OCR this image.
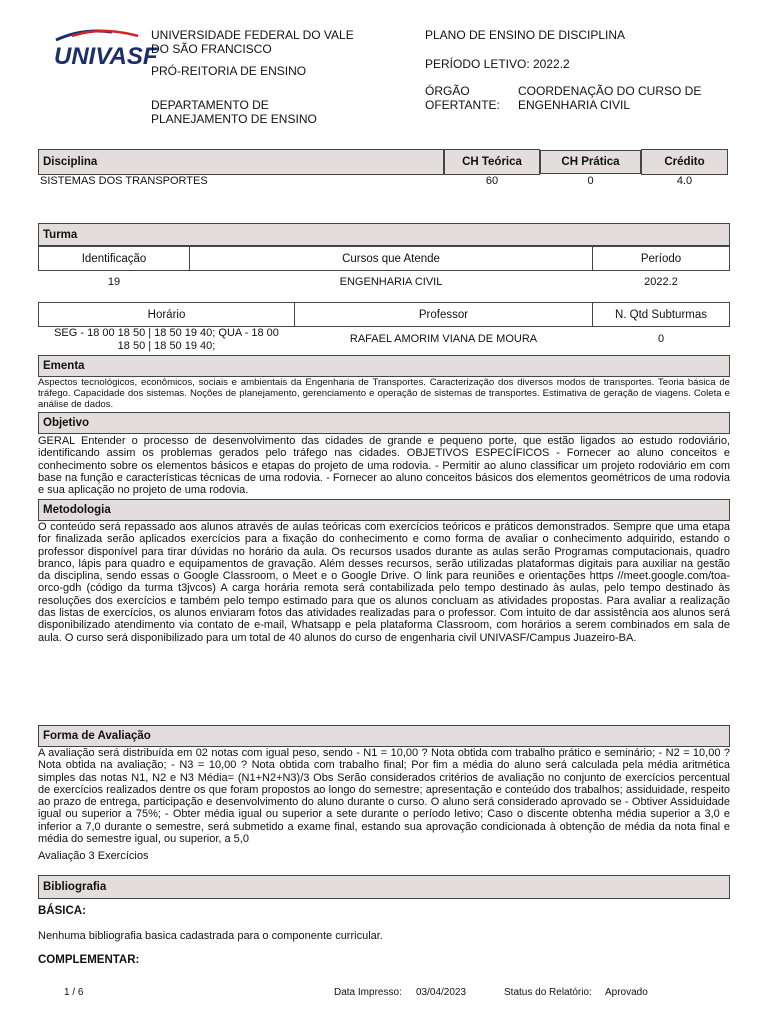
UNIVASF
UNIVERSIDADE FEDERAL DO VALE
DO SÃO FRANCISCO
PRÓ-REITORIA DE ENSINO
DEPARTAMENTO DE
PLANEJAMENTO DE ENSINO
PLANO DE ENSINO DE DISCIPLINA
PERÍODO LETIVO: 2022.2
ÓRGÃO
OFERTANTE:
COORDENAÇÃO DO CURSO DE
ENGENHARIA CIVIL
Disciplina	CH Teórica	CH Prática	Crédito
SISTEMAS DOS TRANSPORTES	60	0	4.0
Turma
Identificação	Cursos que Atende	Período
19	ENGENHARIA CIVIL	2022.2
Horário	Professor	N. Qtd Subturmas
SEG - 18 00 18 50 | 18 50 19 40; QUA - 18 00
18 50 | 18 50 19 40;
RAFAEL AMORIM VIANA DE MOURA	0
Ementa
Aspectos tecnológicos, econômicos, sociais e ambientais da Engenharia de Transportes. Caracterização dos diversos modos de transportes. Teoria básica de tráfego. Capacidade dos sistemas. Noções de planejamento, gerenciamento e operação de sistemas de transportes. Estimativa de geração de viagens. Coleta e análise de dados.
Objetivo
GERAL Entender o processo de desenvolvimento das cidades de grande e pequeno porte, que estão ligados ao estudo rodoviário, identificando assim os problemas gerados pelo tráfego nas cidades. OBJETIVOS ESPECÍFICOS - Fornecer ao aluno conceitos e conhecimento sobre os elementos básicos e etapas do projeto de uma rodovia. - Permitir ao aluno classificar um projeto rodoviário em com base na função e características técnicas de uma rodovia. - Fornecer ao aluno conceitos básicos dos elementos geométricos de uma rodovia e sua aplicação no projeto de uma rodovia.
Metodologia
O conteúdo será repassado aos alunos através de aulas teóricas com exercícios teóricos e práticos demonstrados. Sempre que uma etapa for finalizada serão aplicados exercícios para a fixação do conhecimento e como forma de avaliar o conhecimento adquirido, estando o professor disponível para tirar dúvidas no horário da aula. Os recursos usados durante as aulas serão Programas computacionais, quadro branco, lápis para quadro e equipamentos de gravação. Além desses recursos, serão utilizadas plataformas digitais para auxiliar na gestão da disciplina, sendo essas o Google Classroom, o Meet e o Google Drive. O link para reuniões e orientações https //meet.google.com/toa-orco-gdh (código da turma t3jvcos) A carga horária remota será contabilizada pelo tempo destinado às aulas, pelo tempo destinado às resoluções dos exercícios e também pelo tempo estimado para que os alunos concluam as atividades propostas. Para avaliar a realização das listas de exercícios, os alunos enviaram fotos das atividades realizadas para o professor. Com intuito de dar assistência aos alunos será disponibilizado atendimento via contato de e-mail, Whatsapp e pela plataforma Classroom, com horários a serem combinados em sala de aula. O curso será disponibilizado para um total de 40 alunos do curso de engenharia civil UNIVASF/Campus Juazeiro-BA.
Forma de Avaliação
A avaliação será distribuída em 02 notas com igual peso, sendo - N1 = 10,00 ? Nota obtida com trabalho prático e seminário; - N2 = 10,00 ? Nota obtida na avaliação; - N3 = 10,00 ? Nota obtida com trabalho final; Por fim a média do aluno será calculada pela média aritmética simples das notas N1, N2 e N3 Média= (N1+N2+N3)/3 Obs Serão considerados critérios de avaliação no conjunto de exercícios percentual de exercícios realizados dentre os que foram propostos ao longo do semestre; apresentação e conteúdo dos trabalhos; assiduidade, respeito ao prazo de entrega, participação e desenvolvimento do aluno durante o curso. O aluno será considerado aprovado se - Obtiver Assiduidade igual ou superior a 75%; - Obter média igual ou superior a sete durante o período letivo; Caso o discente obtenha média superior a 3,0 e inferior a 7,0 durante o semestre, será submetido a exame final, estando sua aprovação condicionada à obtenção de média da nota final e média do semestre igual, ou superior, a 5,0
Avaliação 3 Exercícios
Bibliografia
BÁSICA:
Nenhuma bibliografia basica cadastrada para o componente curricular.
COMPLEMENTAR:
1 / 6	Data Impresso: 03/04/2023	Status do Relatório: Aprovado
